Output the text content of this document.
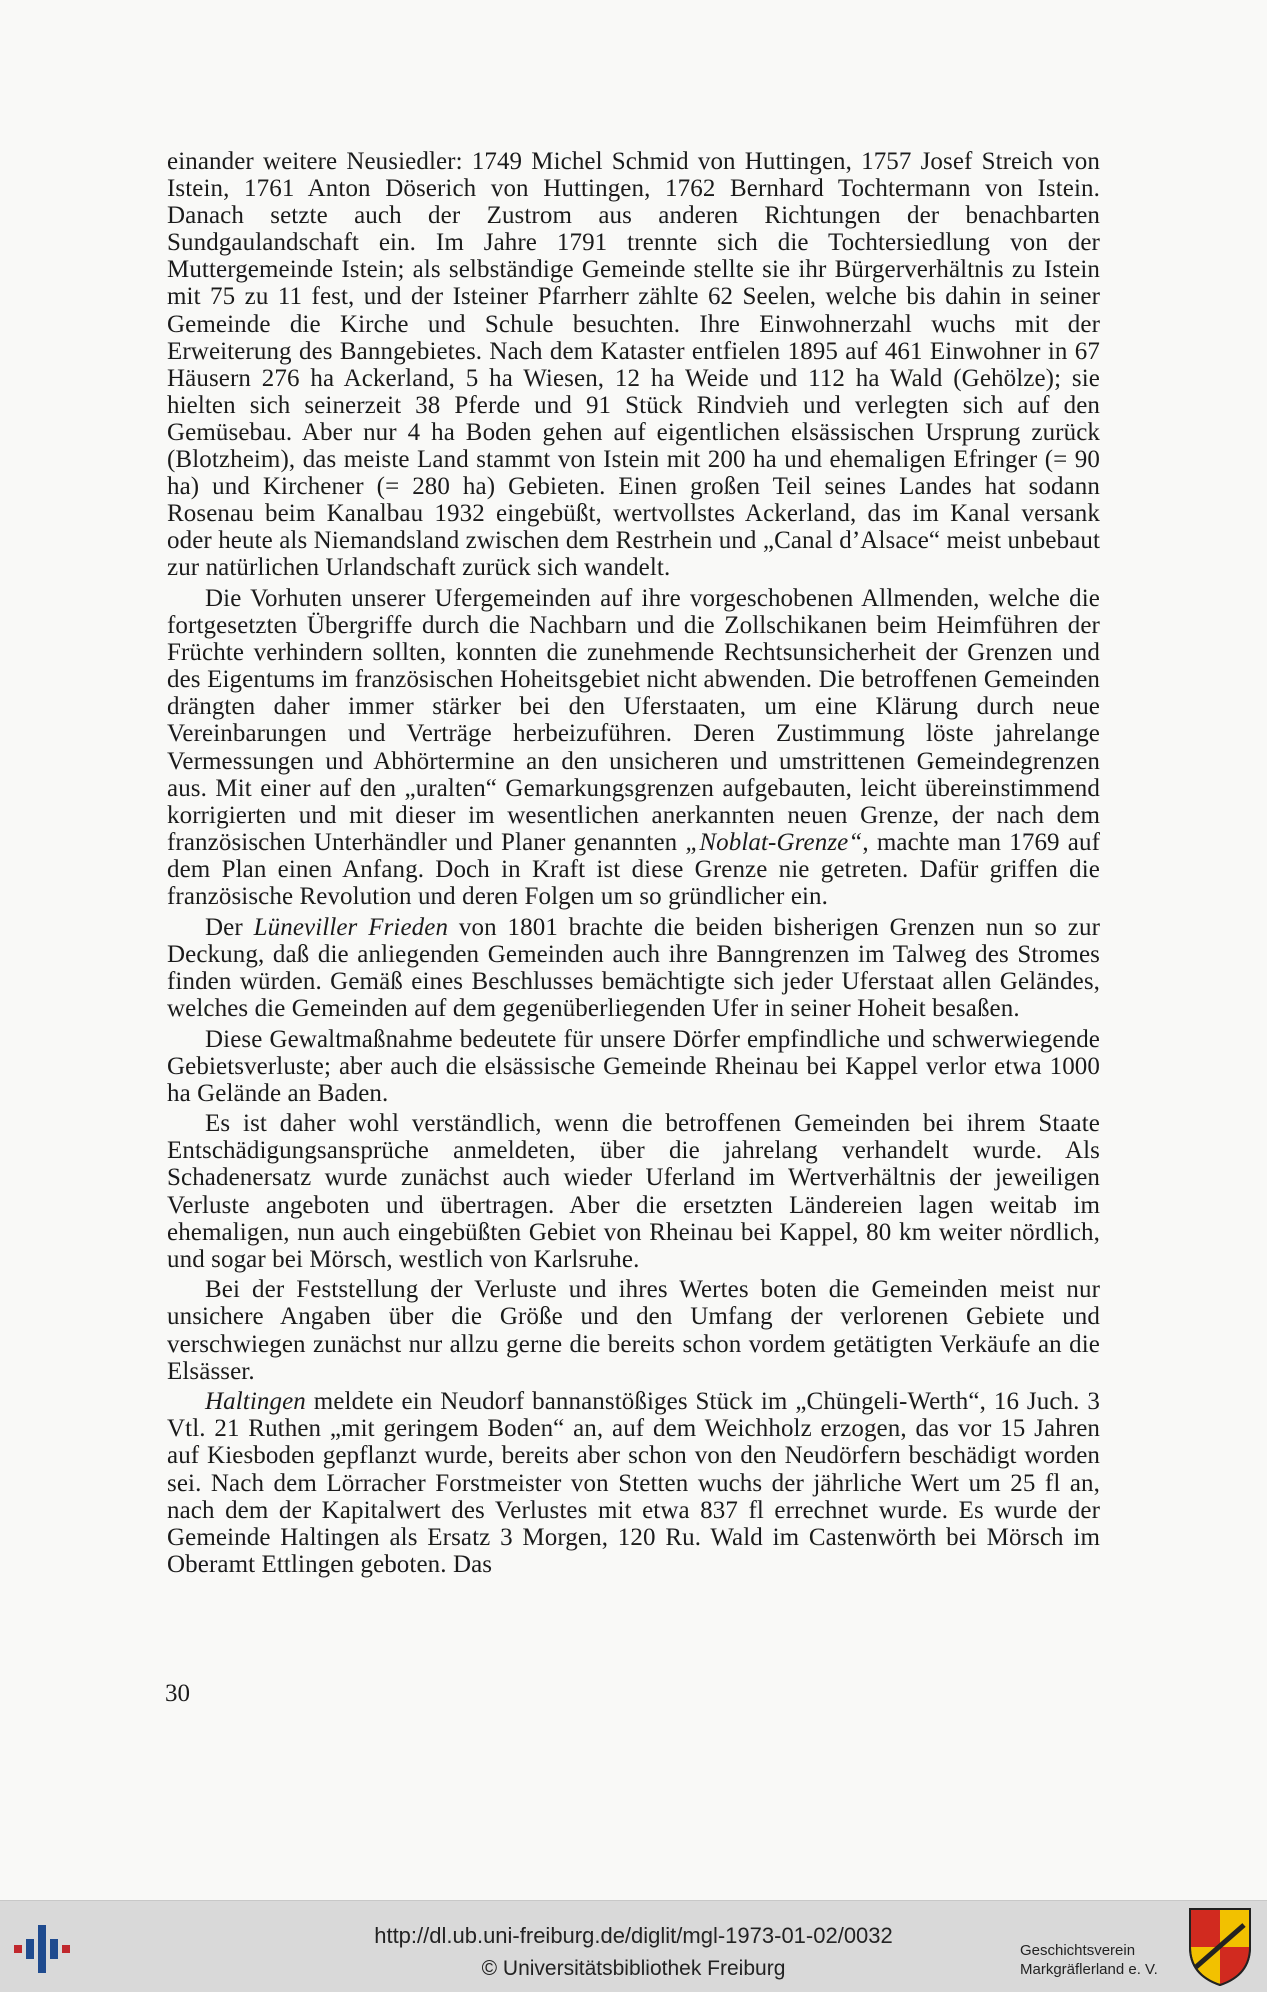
einander weitere Neusiedler: 1749 Michel Schmid von Huttingen, 1757 Josef Streich von Istein, 1761 Anton Döserich von Huttingen, 1762 Bernhard Tochtermann von Istein. Danach setzte auch der Zustrom aus anderen Richtungen der benachbarten Sundgaulandschaft ein. Im Jahre 1791 trennte sich die Tochtersiedlung von der Muttergemeinde Istein; als selbständige Gemeinde stellte sie ihr Bürgerverhältnis zu Istein mit 75 zu 11 fest, und der Isteiner Pfarrherr zählte 62 Seelen, welche bis dahin in seiner Gemeinde die Kirche und Schule besuchten. Ihre Einwohnerzahl wuchs mit der Erweiterung des Banngebietes. Nach dem Kataster entfielen 1895 auf 461 Einwohner in 67 Häusern 276 ha Ackerland, 5 ha Wiesen, 12 ha Weide und 112 ha Wald (Gehölze); sie hielten sich seinerzeit 38 Pferde und 91 Stück Rindvieh und verlegten sich auf den Gemüsebau. Aber nur 4 ha Boden gehen auf eigentlichen elsässischen Ursprung zurück (Blotzheim), das meiste Land stammt von Istein mit 200 ha und ehemaligen Efringer (= 90 ha) und Kirchener (= 280 ha) Gebieten. Einen großen Teil seines Landes hat sodann Rosenau beim Kanalbau 1932 eingebüßt, wertvollstes Ackerland, das im Kanal versank oder heute als Niemandsland zwischen dem Restrhein und „Canal d’Alsace“ meist unbebaut zur natürlichen Urlandschaft zurück sich wandelt.

Die Vorhuten unserer Ufergemeinden auf ihre vorgeschobenen Allmenden, welche die fortgesetzten Übergriffe durch die Nachbarn und die Zollschikanen beim Heimführen der Früchte verhindern sollten, konnten die zunehmende Rechtsunsicherheit der Grenzen und des Eigentums im französischen Hoheitsgebiet nicht abwenden. Die betroffenen Gemeinden drängten daher immer stärker bei den Uferstaaten, um eine Klärung durch neue Vereinbarungen und Verträge herbeizuführen. Deren Zustimmung löste jahrelange Vermessungen und Abhörtermine an den unsicheren und umstrittenen Gemeindegrenzen aus. Mit einer auf den „uralten“ Gemarkungsgrenzen aufgebauten, leicht übereinstimmend korrigierten und mit dieser im wesentlichen anerkannten neuen Grenze, der nach dem französischen Unterhändler und Planer genannten „Noblat-Grenze“, machte man 1769 auf dem Plan einen Anfang. Doch in Kraft ist diese Grenze nie getreten. Dafür griffen die französische Revolution und deren Folgen um so gründlicher ein.

Der Lüneviller Frieden von 1801 brachte die beiden bisherigen Grenzen nun so zur Deckung, daß die anliegenden Gemeinden auch ihre Banngrenzen im Talweg des Stromes finden würden. Gemäß eines Beschlusses bemächtigte sich jeder Uferstaat allen Geländes, welches die Gemeinden auf dem gegenüberliegenden Ufer in seiner Hoheit besaßen.

Diese Gewaltmaßnahme bedeutete für unsere Dörfer empfindliche und schwerwiegende Gebietsverluste; aber auch die elsässische Gemeinde Rheinau bei Kappel verlor etwa 1000 ha Gelände an Baden.

Es ist daher wohl verständlich, wenn die betroffenen Gemeinden bei ihrem Staate Entschädigungsansprüche anmeldeten, über die jahrelang verhandelt wurde. Als Schadenersatz wurde zunächst auch wieder Uferland im Wertverhältnis der jeweiligen Verluste angeboten und übertragen. Aber die ersetzten Ländereien lagen weitab im ehemaligen, nun auch eingebüßten Gebiet von Rheinau bei Kappel, 80 km weiter nördlich, und sogar bei Mörsch, westlich von Karlsruhe.

Bei der Feststellung der Verluste und ihres Wertes boten die Gemeinden meist nur unsichere Angaben über die Größe und den Umfang der verlorenen Gebiete und verschwiegen zunächst nur allzu gerne die bereits schon vordem getätigten Verkäufe an die Elsässer.

Haltingen meldete ein Neudorf bannanstößiges Stück im „Chüngeli-Werth“, 16 Juch. 3 Vtl. 21 Ruthen „mit geringem Boden“ an, auf dem Weichholz erzogen, das vor 15 Jahren auf Kiesboden gepflanzt wurde, bereits aber schon von den Neudörfern beschädigt worden sei. Nach dem Lörracher Forstmeister von Stetten wuchs der jährliche Wert um 25 fl an, nach dem der Kapitalwert des Verlustes mit etwa 837 fl errechnet wurde. Es wurde der Gemeinde Haltingen als Ersatz 3 Morgen, 120 Ru. Wald im Castenwörth bei Mörsch im Oberamt Ettlingen geboten. Das

30
http://dl.ub.uni-freiburg.de/diglit/mgl-1973-01-02/0032
© Universitätsbibliothek Freiburg
Geschichtsverein
Markgräflerland e. V.
